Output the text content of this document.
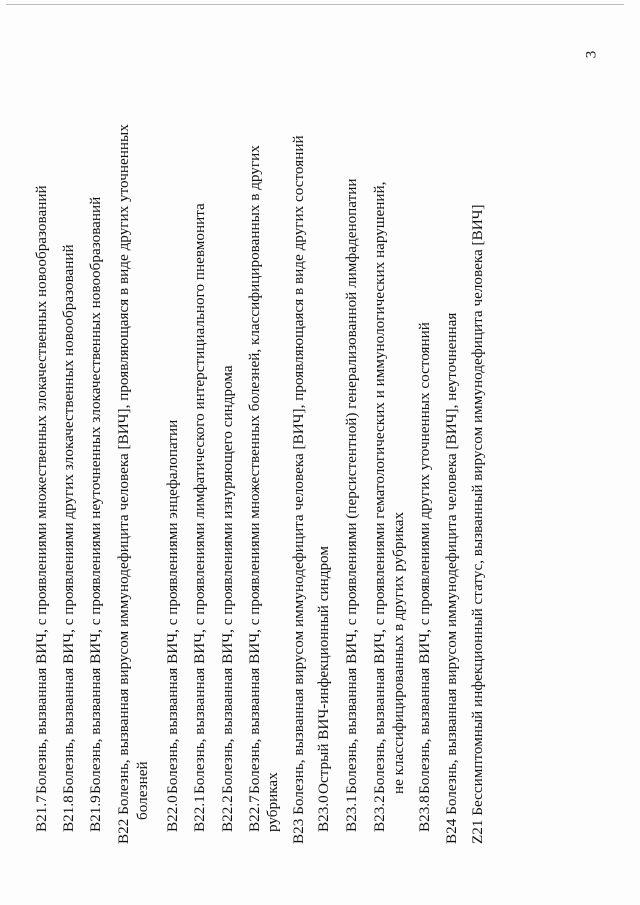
3
B21.7
Болезнь, вызванная ВИЧ, с проявлениями множественных злокачественных новообразований
B21.8
Болезнь, вызванная ВИЧ, с проявлениями других злокачественных новообразований
B21.9
Болезнь, вызванная ВИЧ, с проявлениями неуточненных злокачественных новообразований
B22 Болезнь, вызванная вирусом иммунодефицита человека [ВИЧ], проявляющаяся в виде других уточненных болезней B22.0
Болезнь, вызванная ВИЧ, с проявлениями энцефалопатии
B22.1
Болезнь, вызванная ВИЧ, с проявлениями лимфатического интерстициального пневмонита
B22.2
Болезнь, вызванная ВИЧ, с проявлениями изнуряющего синдрома
B22.7
Болезнь, вызванная ВИЧ, с проявлениями множественных болезней, классифицированных в других
рубриках B23 Болезнь, вызванная вирусом иммунодефицита человека [ВИЧ], проявляющаяся в виде других состояний B23.0
Острый ВИЧ-инфекционный синдром
B23.1
Болезнь, вызванная ВИЧ, с проявлениями (персистентной) генерализованной лимфаденопатии
B23.2
Болезнь, вызванная ВИЧ, с проявлениями гематологических и иммунологических нарушений, не классифицированных в других рубриках
B23.8
Болезнь, вызванная ВИЧ, с проявлениями других уточненных состояний
B24 Болезнь, вызванная вирусом иммунодефицита человека [ВИЧ], неуточненная
Z21 Бессимптомный инфекционный статус, вызванный вирусом иммунодефицита человека [ВИЧ]
